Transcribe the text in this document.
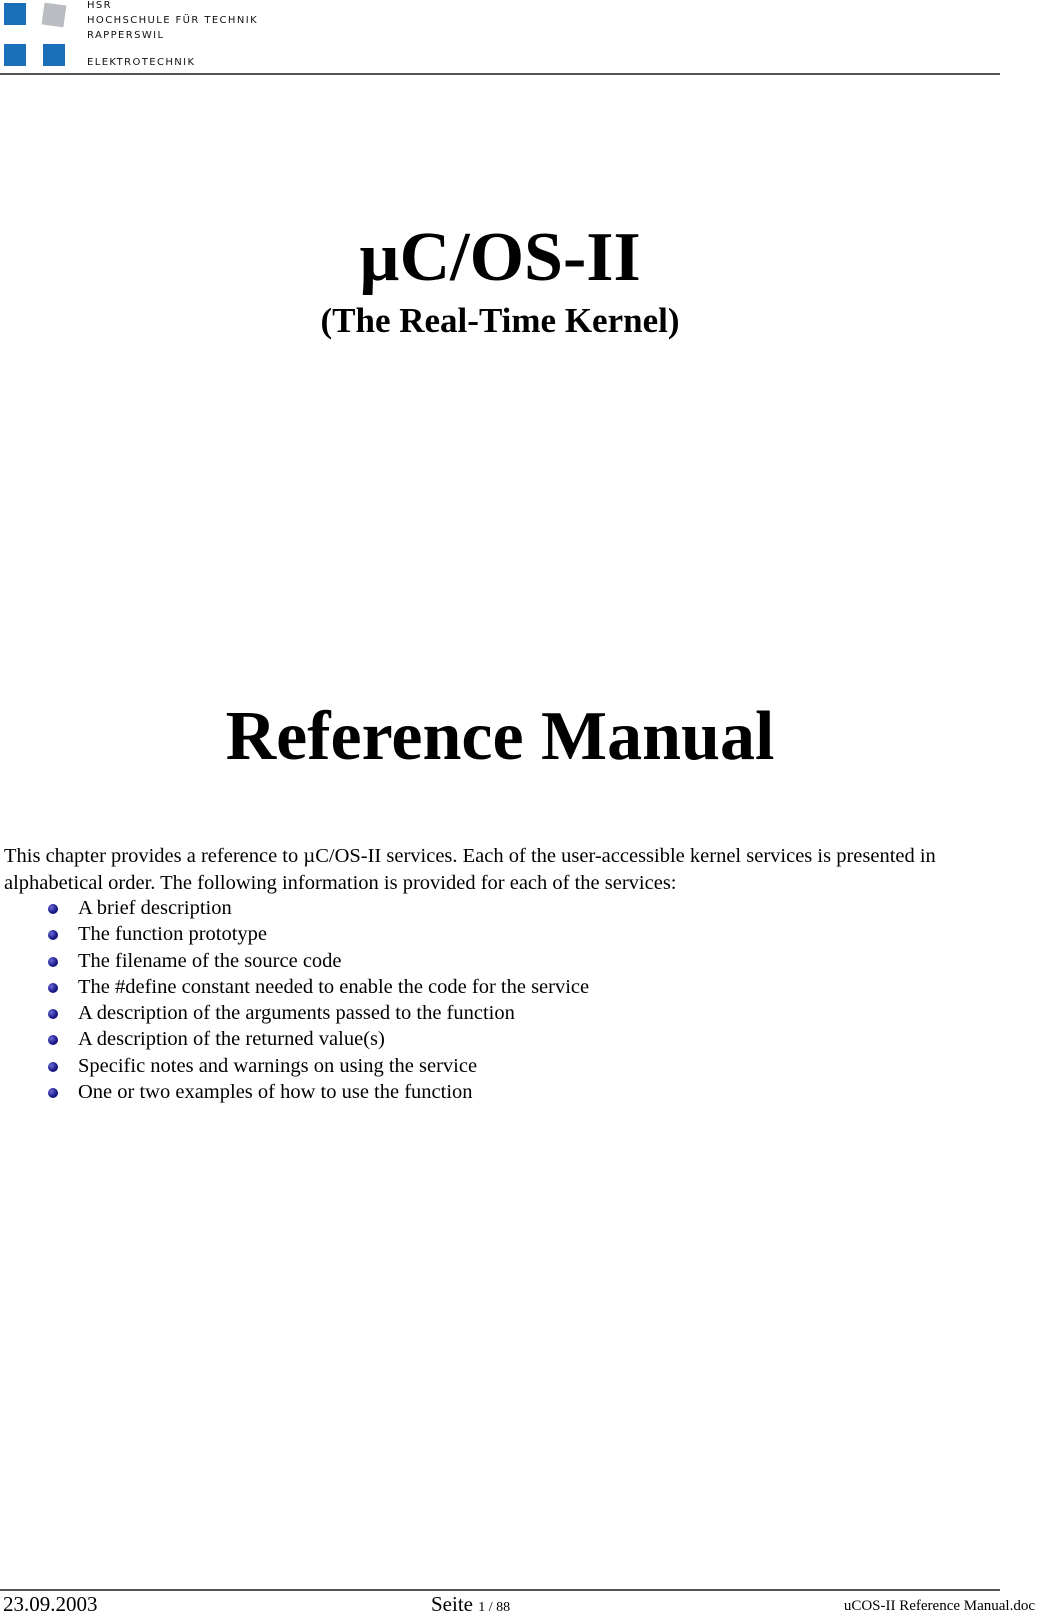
HSR
HOCHSCHULE FÜR TECHNIK
RAPPERSWIL
ELEKTROTECHNIK
µC/OS-II
(The Real-Time Kernel)
Reference Manual
This chapter provides a reference to µC/OS-II services. Each of the user-accessible kernel services is presented in alphabetical order. The following information is provided for each of the services:
A brief description
The function prototype
The filename of the source code
The #define constant needed to enable the code for the service
A description of the arguments passed to the function
A description of the returned value(s)
Specific notes and warnings on using the service
One or two examples of how to use the function
23.09.2003	Seite 1 / 88	uCOS-II Reference Manual.doc
